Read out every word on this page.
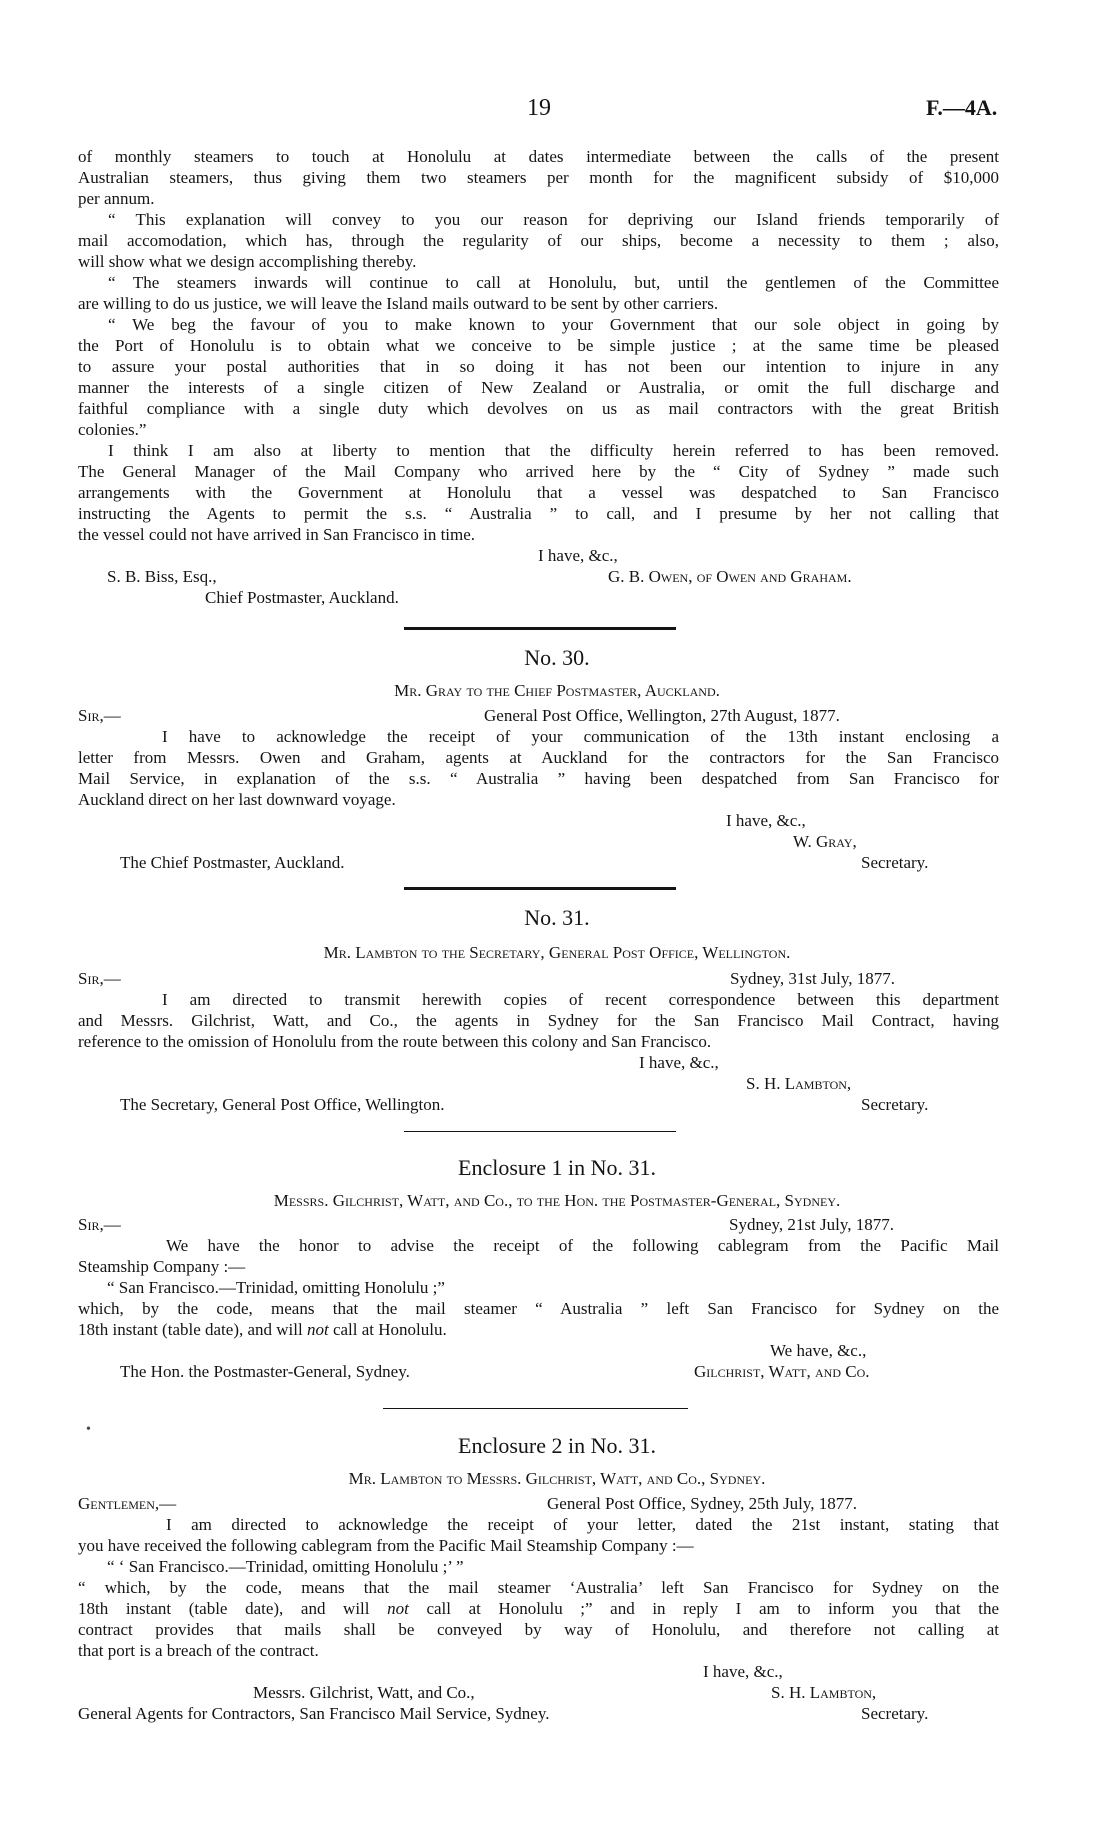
19	F.—4A.
of monthly steamers to touch at Honolulu at dates intermediate between the calls of the present
Australian steamers, thus giving them two steamers per month for the magnificent subsidy of $10,000
per annum.
“ This explanation will convey to you our reason for depriving our Island friends temporarily of
mail accomodation, which has, through the regularity of our ships, become a necessity to them ; also,
will show what we design accomplishing thereby.
“ The steamers inwards will continue to call at Honolulu, but, until the gentlemen of the Committee
are willing to do us justice, we will leave the Island mails outward to be sent by other carriers.
“ We beg the favour of you to make known to your Government that our sole object in going by
the Port of Honolulu is to obtain what we conceive to be simple justice ; at the same time be pleased
to assure your postal authorities that in so doing it has not been our intention to injure in any
manner the interests of a single citizen of New Zealand or Australia, or omit the full discharge and
faithful compliance with a single duty which devolves on us as mail contractors with the great British
colonies.”
I think I am also at liberty to mention that the difficulty herein referred to has been removed.
The General Manager of the Mail Company who arrived here by the “ City of Sydney ” made such
arrangements with the Government at Honolulu that a vessel was despatched to San Francisco
instructing the Agents to permit the s.s. “ Australia ” to call, and I presume by her not calling that
the vessel could not have arrived in San Francisco in time.
I have, &c.,
S. B. Biss, Esq.,	G. B. Owen, of Owen and Graham.
Chief Postmaster, Auckland.
No. 30.
Mr. Gray to the Chief Postmaster, Auckland.
Sir,—	General Post Office, Wellington, 27th August, 1877.
I have to acknowledge the receipt of your communication of the 13th instant enclosing a
letter from Messrs. Owen and Graham, agents at Auckland for the contractors for the San Francisco
Mail Service, in explanation of the s.s. “ Australia ” having been despatched from San Francisco for
Auckland direct on her last downward voyage.
I have, &c.,
W. Gray,
The Chief Postmaster, Auckland.	Secretary.
No. 31.
Mr. Lambton to the Secretary, General Post Office, Wellington.
Sir,—	Sydney, 31st July, 1877.
I am directed to transmit herewith copies of recent correspondence between this department
and Messrs. Gilchrist, Watt, and Co., the agents in Sydney for the San Francisco Mail Contract, having
reference to the omission of Honolulu from the route between this colony and San Francisco.
I have, &c.,
S. H. Lambton,
The Secretary, General Post Office, Wellington.	Secretary.
Enclosure 1 in No. 31.
Messrs. Gilchrist, Watt, and Co., to the Hon. the Postmaster-General, Sydney.
Sir,—	Sydney, 21st July, 1877.
We have the honor to advise the receipt of the following cablegram from the Pacific Mail
Steamship Company :—
“ San Francisco.—Trinidad, omitting Honolulu ;”
which, by the code, means that the mail steamer “ Australia ” left San Francisco for Sydney on the
18th instant (table date), and will not call at Honolulu.
We have, &c.,
The Hon. the Postmaster-General, Sydney.	Gilchrist, Watt, and Co.
•
Enclosure 2 in No. 31.
Mr. Lambton to Messrs. Gilchrist, Watt, and Co., Sydney.
Gentlemen,—	General Post Office, Sydney, 25th July, 1877.
I am directed to acknowledge the receipt of your letter, dated the 21st instant, stating that
you have received the following cablegram from the Pacific Mail Steamship Company :—
“ ‘ San Francisco.—Trinidad, omitting Honolulu ;’ ”
“ which, by the code, means that the mail steamer ‘Australia’ left San Francisco for Sydney on the
18th instant (table date), and will not call at Honolulu ;” and in reply I am to inform you that the
contract provides that mails shall be conveyed by way of Honolulu, and therefore not calling at
that port is a breach of the contract.
I have, &c.,
Messrs. Gilchrist, Watt, and Co.,	S. H. Lambton,
General Agents for Contractors, San Francisco Mail Service, Sydney.	Secretary.
